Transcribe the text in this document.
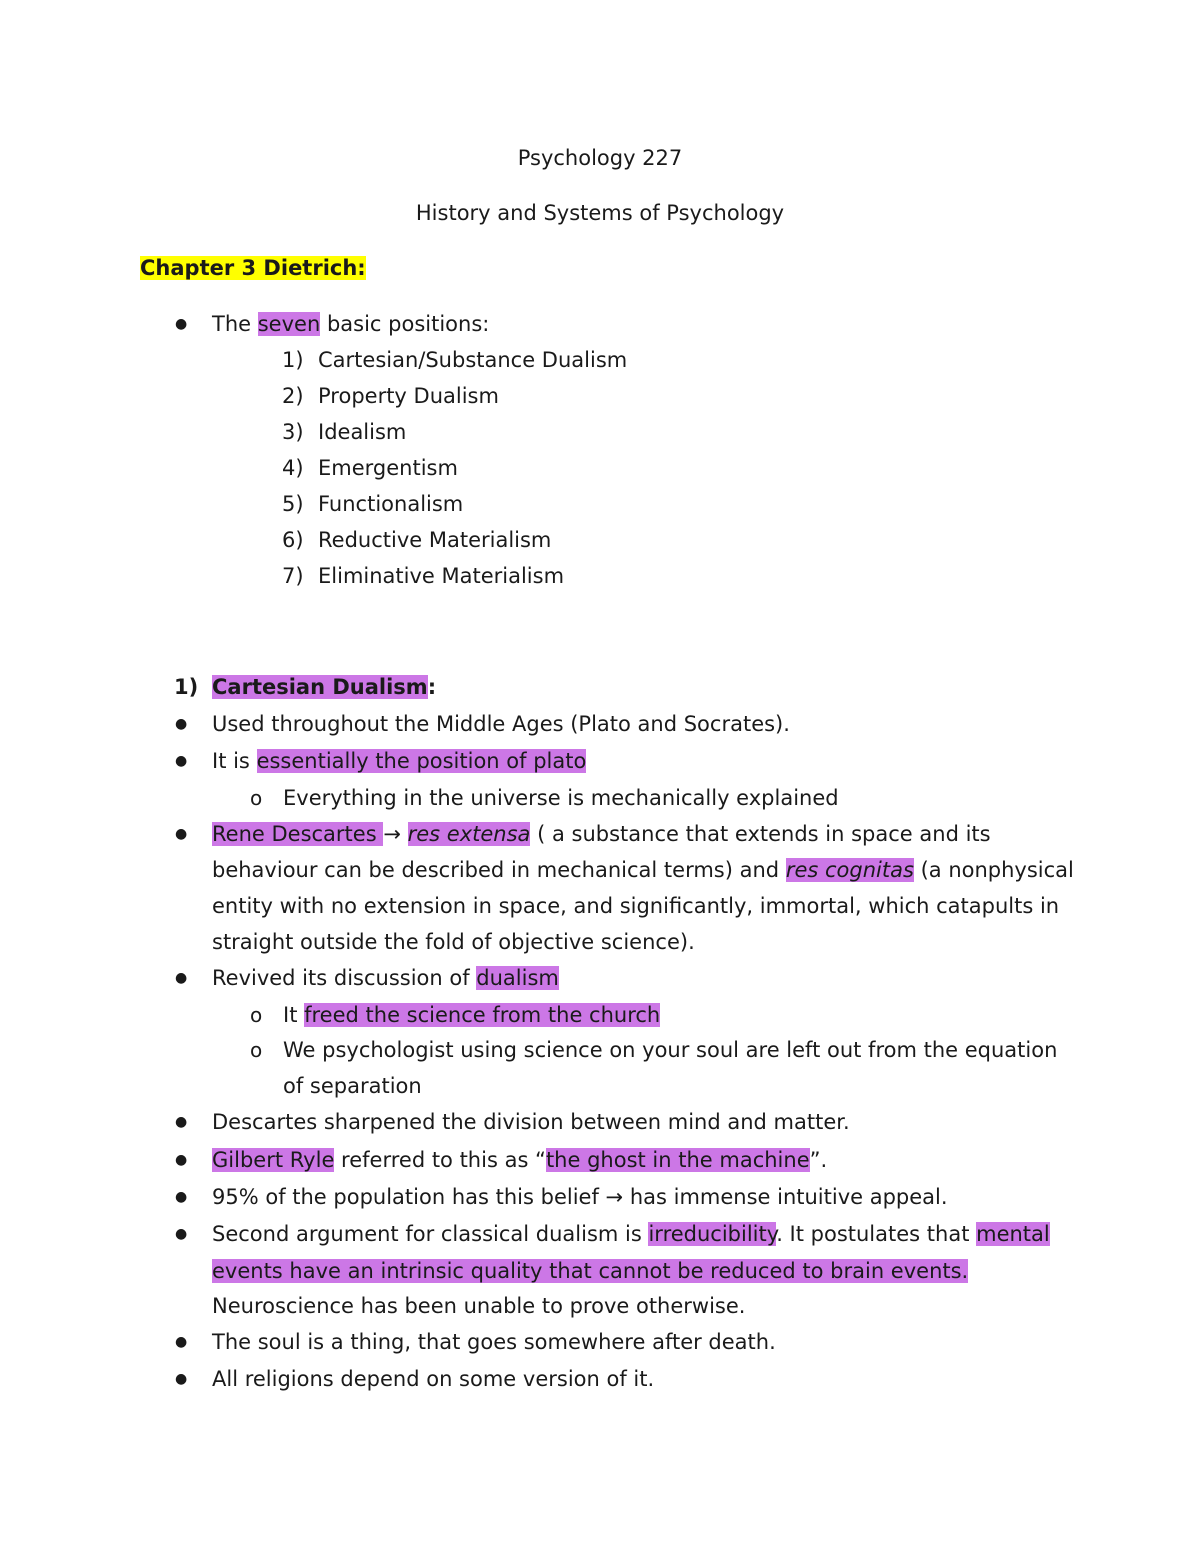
Psychology 227
History and Systems of Psychology
Chapter 3 Dietrich:
● The seven basic positions:
1) Cartesian/Substance Dualism
2) Property Dualism
3) Idealism
4) Emergentism
5) Functionalism
6) Reductive Materialism
7) Eliminative Materialism
1) Cartesian Dualism:
● Used throughout the Middle Ages (Plato and Socrates).
● It is essentially the position of plato
o Everything in the universe is mechanically explained
● Rene Descartes → res extensa ( a substance that extends in space and its
behaviour can be described in mechanical terms) and res cognitas (a nonphysical
entity with no extension in space, and significantly, immortal, which catapults in
straight outside the fold of objective science).
● Revived its discussion of dualism
o It freed the science from the church
o We psychologist using science on your soul are left out from the equation
of separation
● Descartes sharpened the division between mind and matter.
● Gilbert Ryle referred to this as “the ghost in the machine”.
● 95% of the population has this belief → has immense intuitive appeal.
● Second argument for classical dualism is irreducibility. It postulates that mental
events have an intrinsic quality that cannot be reduced to brain events.
Neuroscience has been unable to prove otherwise.
● The soul is a thing, that goes somewhere after death.
● All religions depend on some version of it.
